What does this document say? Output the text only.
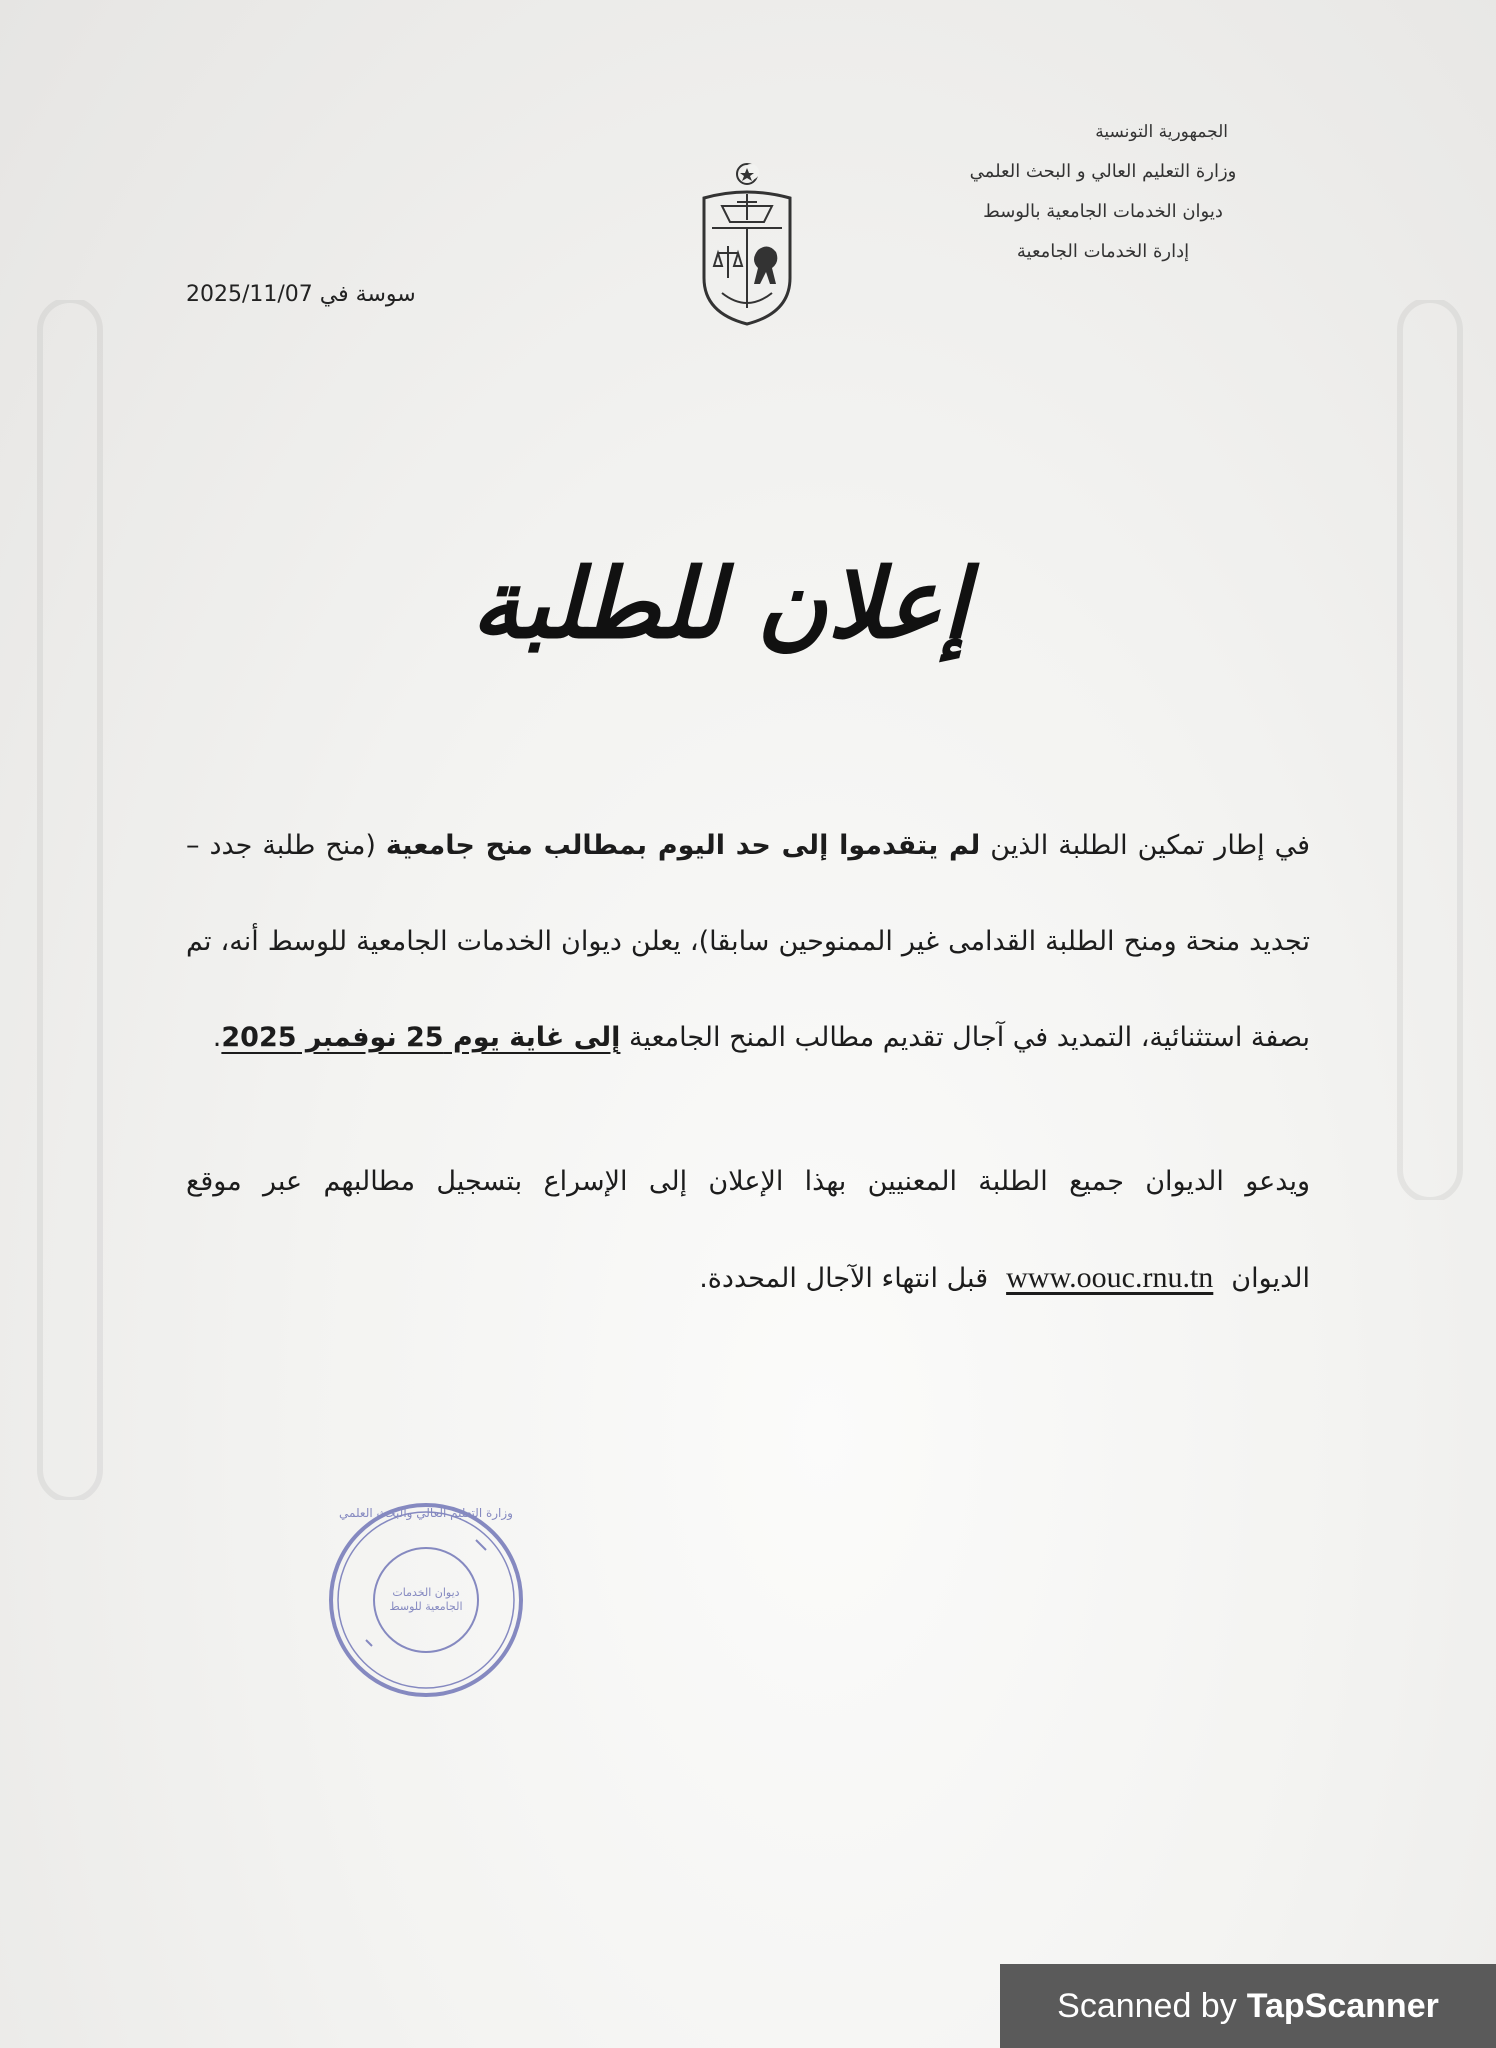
الجمهورية التونسية
وزارة التعليم العالي و البحث العلمي
ديوان الخدمات الجامعية بالوسط
إدارة الخدمات الجامعية
سوسة في 2025/11/07
إعلان للطلبة

في إطار تمكين الطلبة الذين لم يتقدموا إلى حد اليوم بمطالب منح جامعية (منح طلبة جدد – تجديد منحة ومنح الطلبة القدامى غير الممنوحين سابقا)، يعلن ديوان الخدمات الجامعية للوسط أنه، تم بصفة استثنائية، التمديد في آجال تقديم مطالب المنح الجامعية إلى غاية يوم 25 نوفمبر 2025.

ويدعو الديوان جميع الطلبة المعنيين بهذا الإعلان إلى الإسراع بتسجيل مطالبهم عبر موقع الديوانwww.oouc.rnu.tnقبل انتهاء الآجال المحددة.

ديوان الخدمات الجامعية للوسط
وزارة التعليم العالي والبحث العلمي
Scanned by TapScanner
